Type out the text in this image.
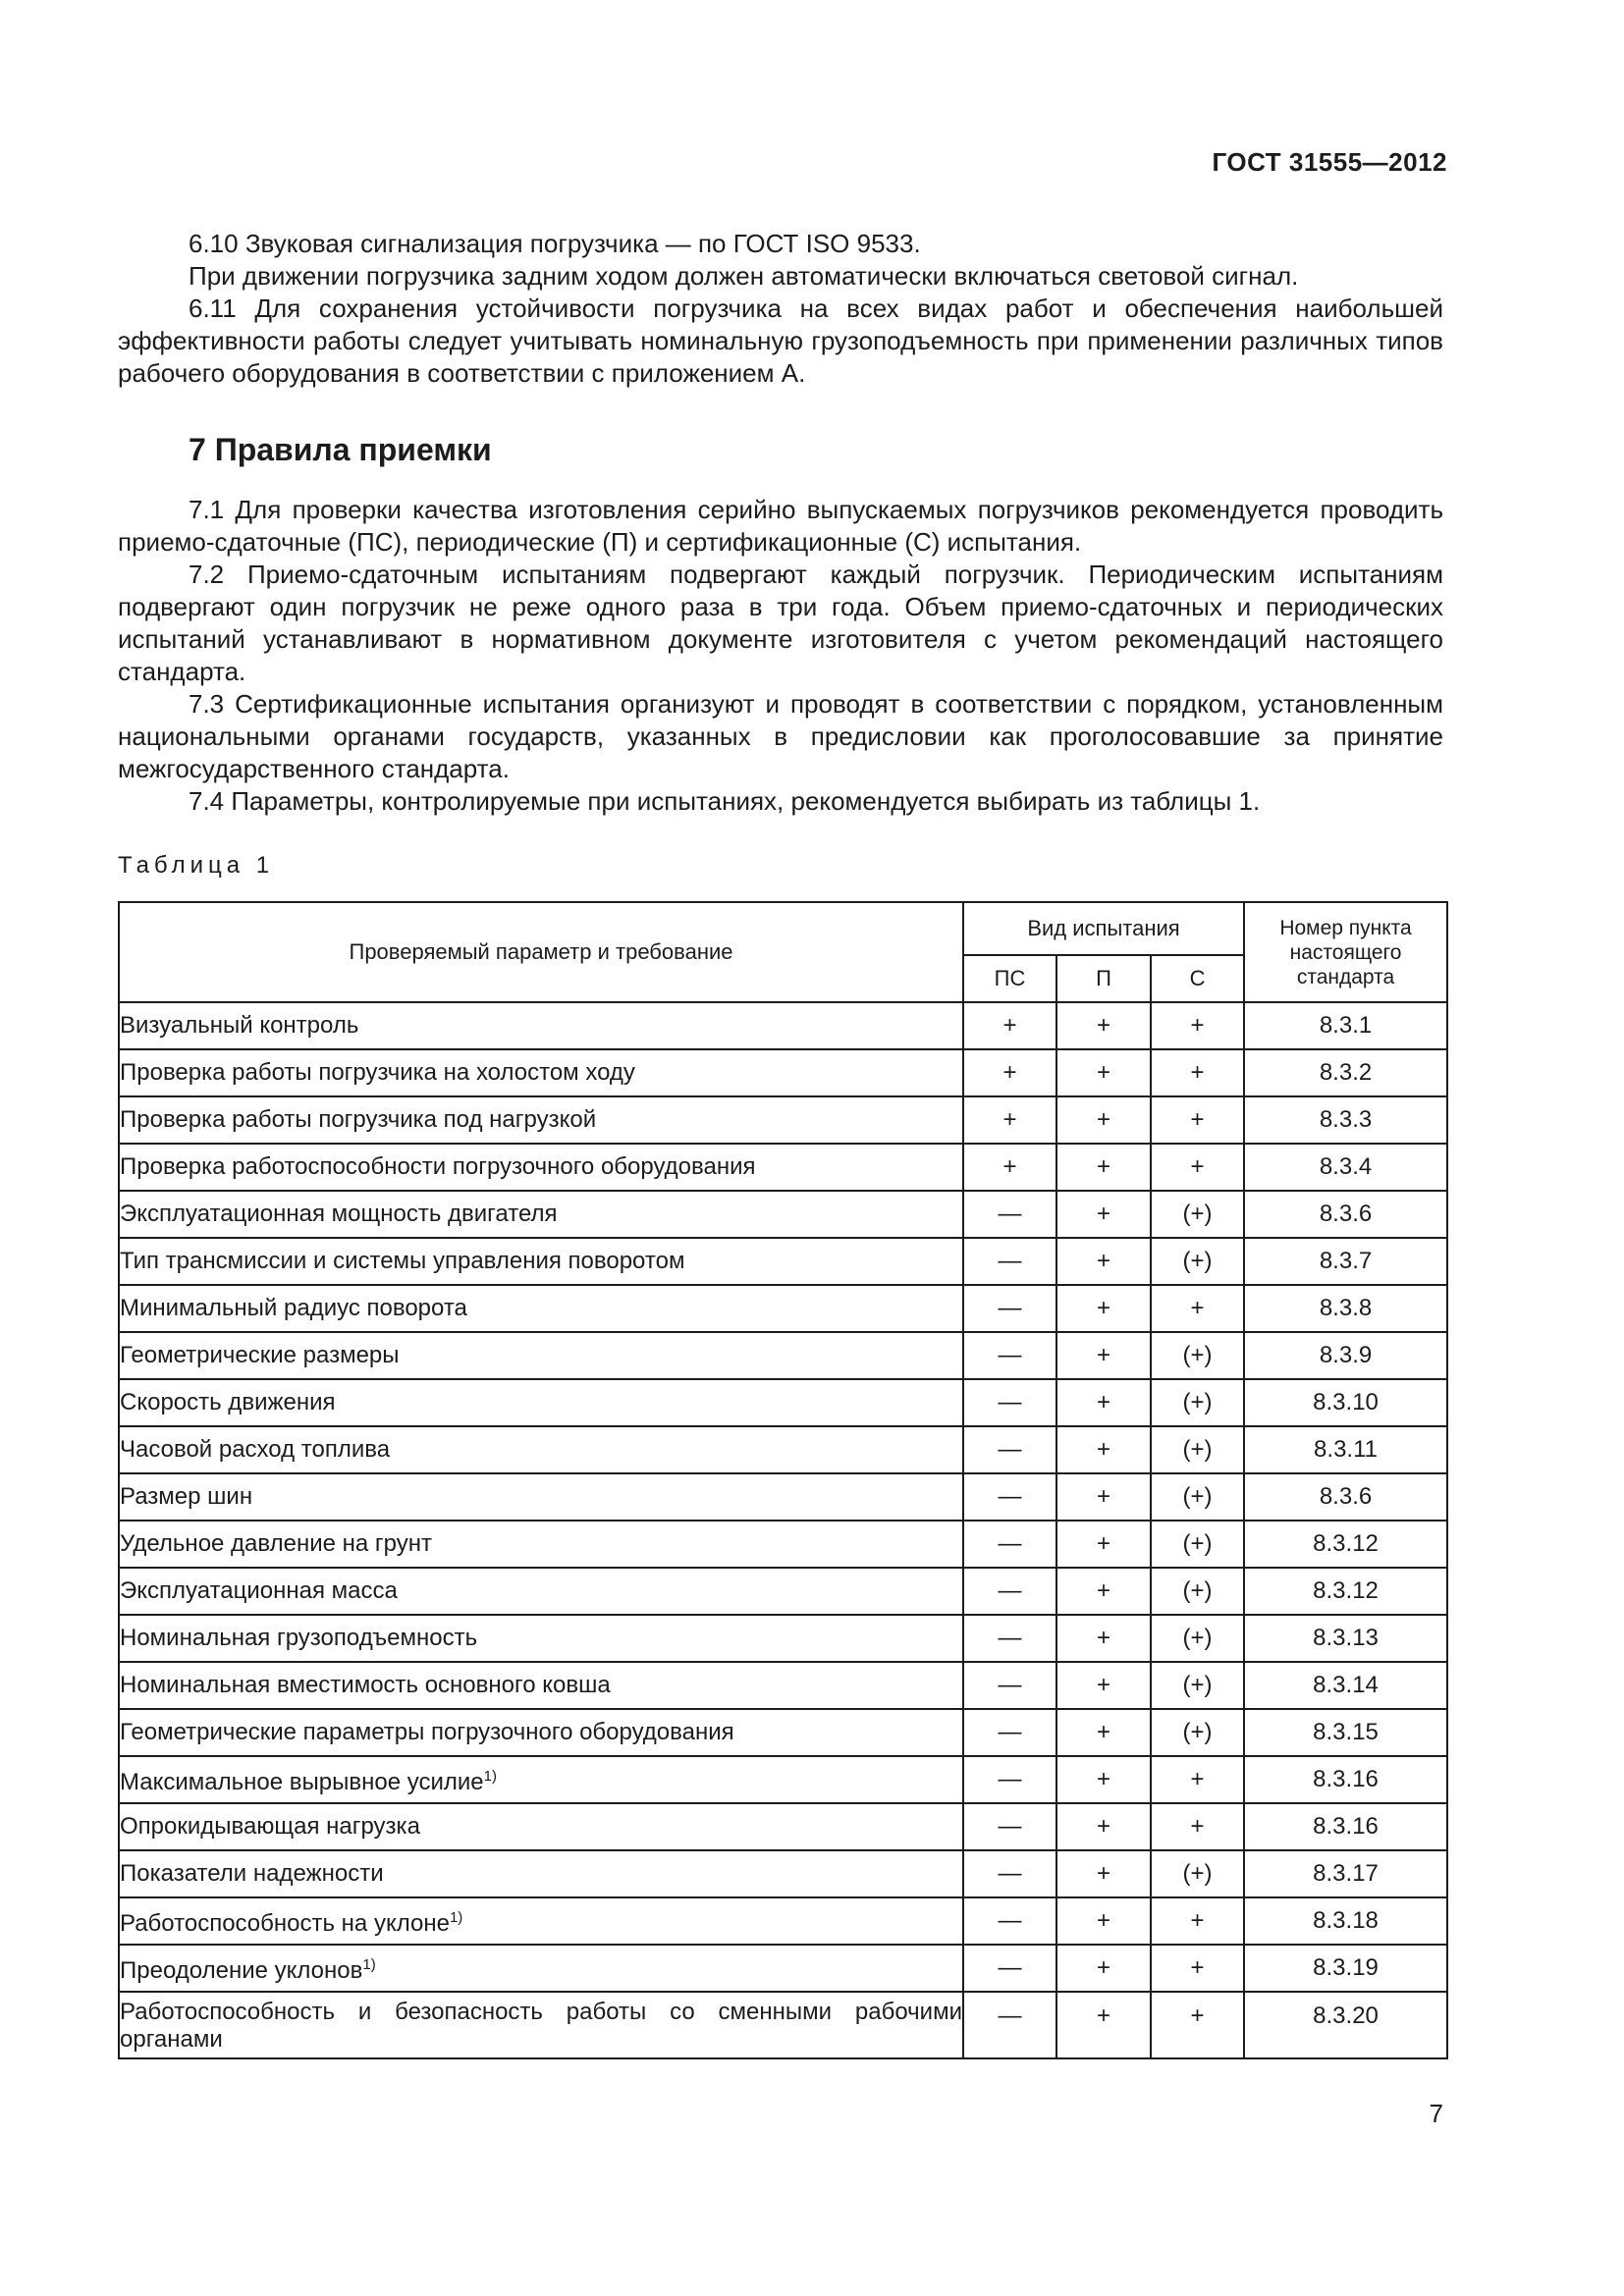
ГОСТ 31555—2012

6.10 Звуковая сигнализация погрузчика — по ГОСТ ISO 9533.

При движении погрузчика задним ходом должен автоматически включаться световой сигнал.

6.11 Для сохранения устойчивости погрузчика на всех видах работ и обеспечения наибольшей эффективности работы следует учитывать номинальную грузоподъемность при применении различных типов рабочего оборудования в соответствии с приложением А.

7 Правила приемки

7.1 Для проверки качества изготовления серийно выпускаемых погрузчиков рекомендуется проводить приемо-сдаточные (ПС), периодические (П) и сертификационные (С) испытания.

7.2 Приемо-сдаточным испытаниям подвергают каждый погрузчик. Периодическим испытаниям подвергают один погрузчик не реже одного раза в три года. Объем приемо-сдаточных и периодических испытаний устанавливают в нормативном документе изготовителя с учетом рекомендаций настоящего стандарта.

7.3 Сертификационные испытания организуют и проводят в соответствии с порядком, установленным национальными органами государств, указанных в предисловии как проголосовавшие за принятие межгосударственного стандарта.

7.4 Параметры, контролируемые при испытаниях, рекомендуется выбирать из таблицы 1.

Таблица 1
Проверяемый параметр и требование	Вид испытания			Номер пункта
настоящего
стандарта
	ПС	П	С	
Визуальный контроль	+	+	+	8.3.1
Проверка работы погрузчика на холостом ходу	+	+	+	8.3.2
Проверка работы погрузчика под нагрузкой	+	+	+	8.3.3
Проверка работоспособности погрузочного оборудования	+	+	+	8.3.4
Эксплуатационная мощность двигателя	—	+	(+)	8.3.6
Тип трансмиссии и системы управления поворотом	—	+	(+)	8.3.7
Минимальный радиус поворота	—	+	+	8.3.8
Геометрические размеры	—	+	(+)	8.3.9
Скорость движения	—	+	(+)	8.3.10
Часовой расход топлива	—	+	(+)	8.3.11
Размер шин	—	+	(+)	8.3.6
Удельное давление на грунт	—	+	(+)	8.3.12
Эксплуатационная масса	—	+	(+)	8.3.12
Номинальная грузоподъемность	—	+	(+)	8.3.13
Номинальная вместимость основного ковша	—	+	(+)	8.3.14
Геометрические параметры погрузочного оборудования	—	+	(+)	8.3.15
Максимальное вырывное усилие$^{1)}$	—	+	+	8.3.16
Опрокидывающая нагрузка	—	+	+	8.3.16
Показатели надежности	—	+	(+)	8.3.17
Работоспособность на уклоне$^{1)}$	—	+	+	8.3.18
Преодоление уклонов$^{1)}$	—	+	+	8.3.19
Работоспособность и безопасность работы со сменными рабочими органами	—	+	+	8.3.20
7
